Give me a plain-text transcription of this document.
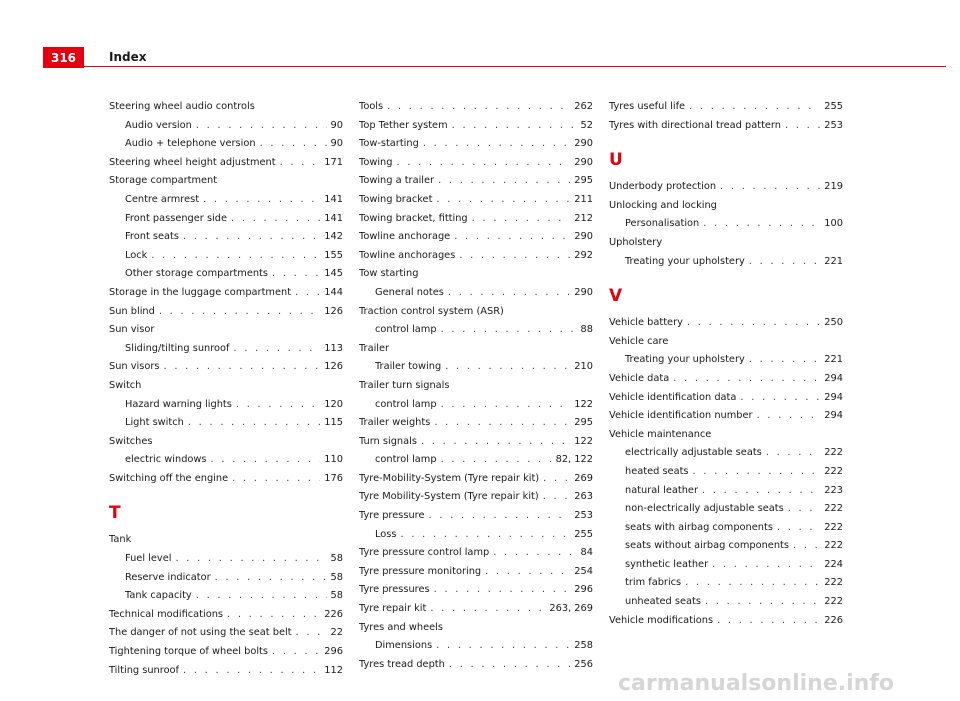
316	Index
Steering wheel audio controls
Audio version . . .	90
Audio + telephone version . . .	90
Steering wheel height adjustment . . .	171
Storage compartment
Centre armrest . . .	141
Front passenger side . . .	141
Front seats . . .	142
Lock . . .	155
Other storage compartments . . .	145
Storage in the luggage compartment . . .	144
Sun blind . . .	126
Sun visor
Sliding/tilting sunroof . . .	113
Sun visors . . .	126
Switch
Hazard warning lights . . .	120
Light switch . . .	115
Switches
electric windows . . .	110
Switching off the engine . . .	176
T
Tank
Fuel level . . .	58
Reserve indicator . . .	58
Tank capacity . . .	58
Technical modifications . . .	226
The danger of not using the seat belt . . .	22
Tightening torque of wheel bolts . . .	296
Tilting sunroof . . .	112
Tools . . .	262
Top Tether system . . .	52
Tow-starting . . .	290
Towing . . .	290
Towing a trailer . . .	295
Towing bracket . . .	211
Towing bracket, fitting . . .	212
Towline anchorage . . .	290
Towline anchorages . . .	292
Tow starting
General notes . . .	290
Traction control system (ASR)
control lamp . . .	88
Trailer
Trailer towing . . .	210
Trailer turn signals
control lamp . . .	122
Trailer weights . . .	295
Turn signals . . .	122
control lamp . . .	82, 122
Tyre-Mobility-System (Tyre repair kit) . . .	269
Tyre Mobility-System (Tyre repair kit) . . .	263
Tyre pressure . . .	253
Loss . . .	255
Tyre pressure control lamp . . .	84
Tyre pressure monitoring . . .	254
Tyre pressures . . .	296
Tyre repair kit . . .	263, 269
Tyres and wheels
Dimensions . . .	258
Tyres tread depth . . .	256
Tyres useful life . . .	255
Tyres with directional tread pattern . . .	253
U
Underbody protection . . .	219
Unlocking and locking
Personalisation . . .	100
Upholstery
Treating your upholstery . . .	221
V
Vehicle battery . . .	250
Vehicle care
Treating your upholstery . . .	221
Vehicle data . . .	294
Vehicle identification data . . .	294
Vehicle identification number . . .	294
Vehicle maintenance
electrically adjustable seats . . .	222
heated seats . . .	222
natural leather . . .	223
non-electrically adjustable seats . . .	222
seats with airbag components . . .	222
seats without airbag components . . .	222
synthetic leather . . .	224
trim fabrics . . .	222
unheated seats . . .	222
Vehicle modifications . . .	226
carmanualsonline.info
